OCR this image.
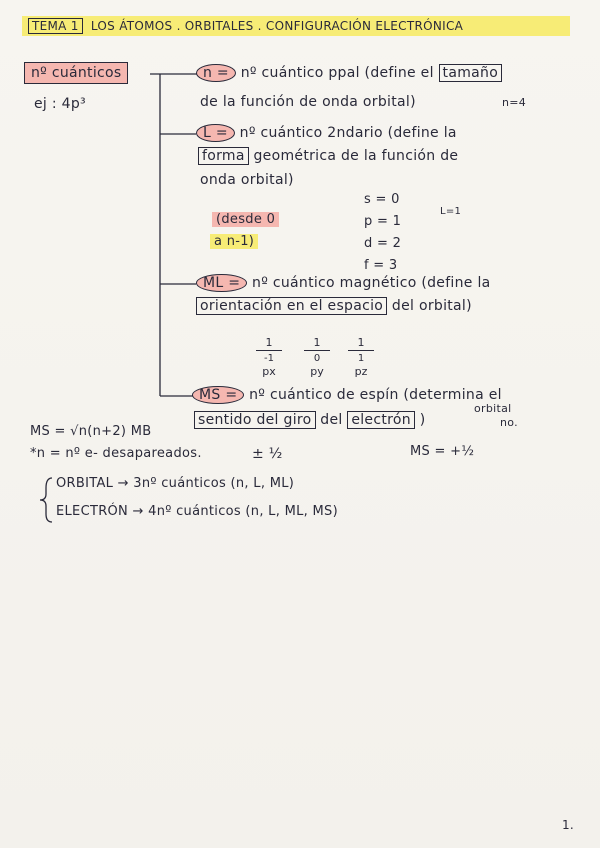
TEMA 1 LOS ÁTOMOS . ORBITALES . CONFIGURACIÓN ELECTRÓNICA
nº cuánticos
ej : 4p³
n = nº cuántico ppal (define el tamaño
de la función de onda orbital)	n=4
L = nº cuántico 2ndario (define la
forma geométrica de la función de
onda orbital)
(desde 0
a n-1)
s = 0
p = 1
d = 2
f = 3
L=1
ML = nº cuántico magnético (define la
orientación en el espacio del orbital)
1
-1
px
1
0
py
1
1
pz
MS = nº cuántico de espín (determina el
sentido del giro del electrón )
orbital
no.
MS = √n(n+2) MB
*n = nº e- desapareados.	± ½	MS = +½
ORBITAL → 3nº cuánticos (n, L, ML)
ELECTRÓN → 4nº cuánticos (n, L, ML, MS)
1.
